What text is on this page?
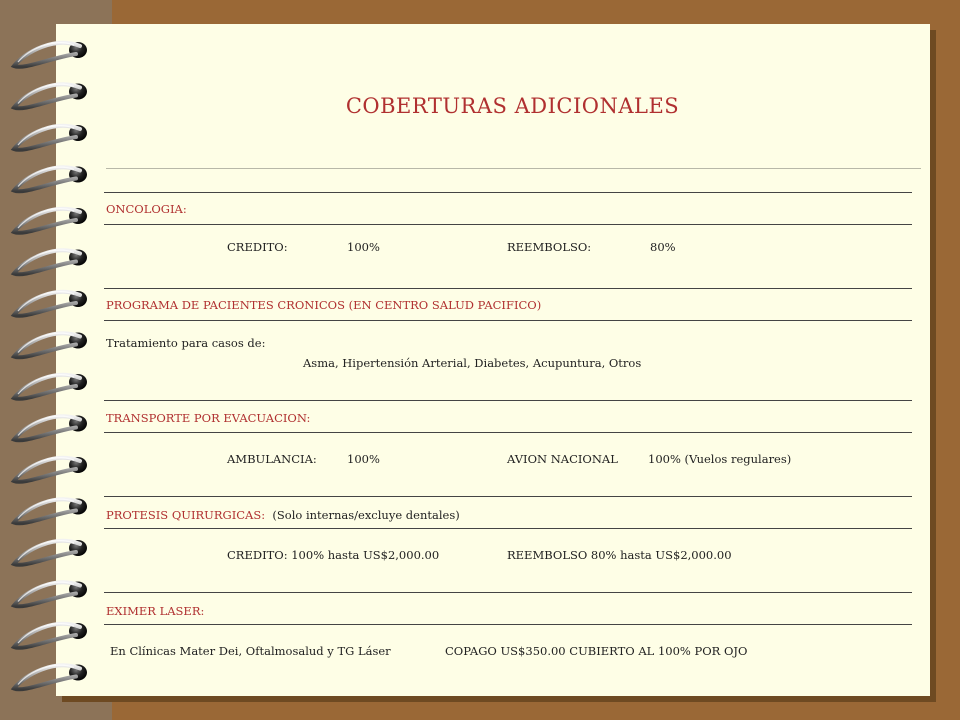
COBERTURAS ADICIONALES
ONCOLOGIA:
CREDITO:	100%	REEMBOLSO:	80%
PROGRAMA DE PACIENTES CRONICOS (EN CENTRO SALUD PACIFICO)
Tratamiento para casos de:
Asma, Hipertensión Arterial, Diabetes, Acupuntura, Otros
TRANSPORTE POR EVACUACION:
AMBULANCIA:	100%	AVION NACIONAL	100% (Vuelos regulares)
PROTESIS QUIRURGICAS: (Solo internas/excluye dentales)
CREDITO: 100% hasta US$2,000.00	REEMBOLSO 80% hasta US$2,000.00
EXIMER LASER:
En Clínicas Mater Dei, Oftalmosalud y TG Láser	COPAGO US$350.00 CUBIERTO AL 100% POR OJO
